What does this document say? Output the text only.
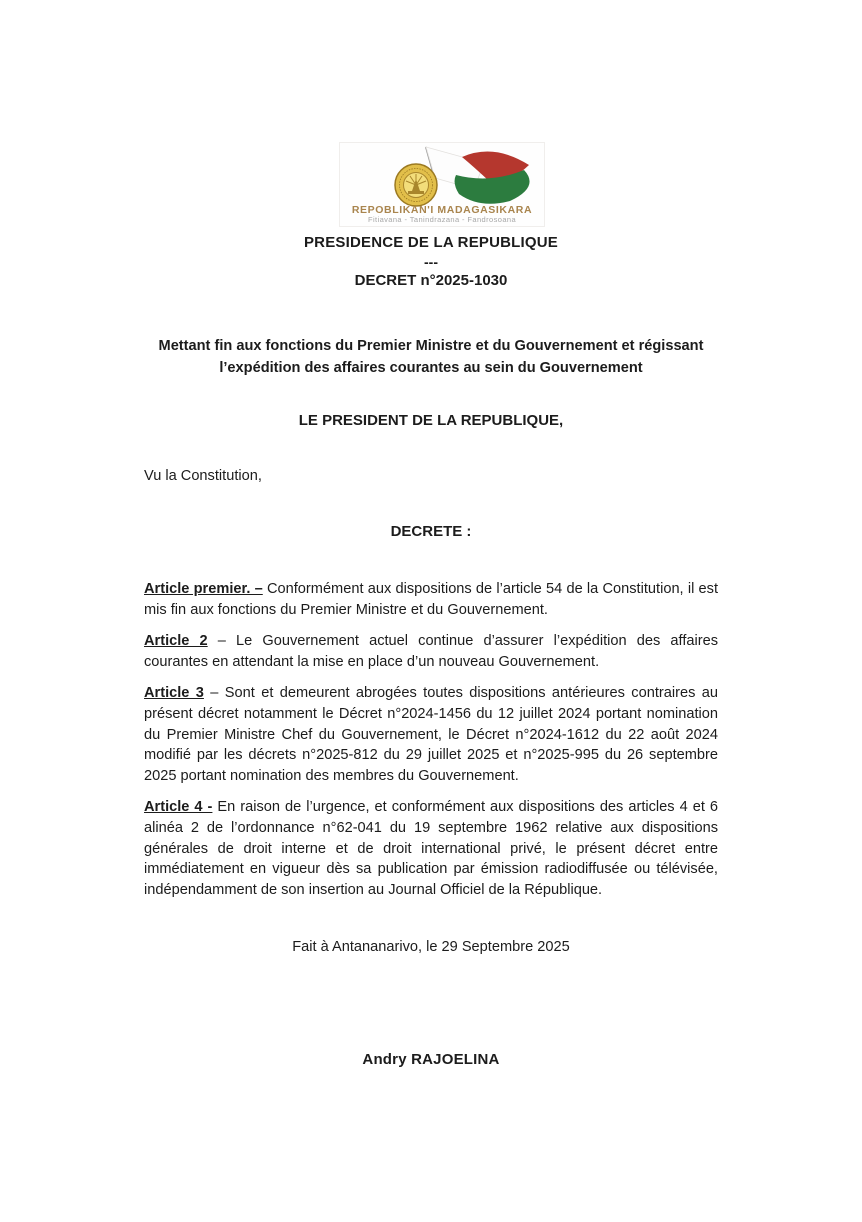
REPOBLIKAN'I MADAGASIKARA
Fitiavana - Tanindrazana - Fandrosoana
PRESIDENCE DE LA REPUBLIQUE
---
DECRET n°2025-1030
Mettant fin aux fonctions du Premier Ministre et du Gouvernement et régissant
l’expédition des affaires courantes au sein du Gouvernement
LE PRESIDENT DE LA REPUBLIQUE,
Vu la Constitution,
DECRETE :

Article premier. – Conformément aux dispositions de l’article 54 de la Constitution, il est mis fin aux fonctions du Premier Ministre et du Gouvernement.

Article 2 – Le Gouvernement actuel continue d’assurer l’expédition des affaires courantes en attendant la mise en place d’un nouveau Gouvernement.

Article 3 – Sont et demeurent abrogées toutes dispositions antérieures contraires au présent décret notamment le Décret n°2024-1456 du 12 juillet 2024 portant nomination du Premier Ministre Chef du Gouvernement, le Décret n°2024-1612 du 22 août 2024 modifié par les décrets n°2025-812 du 29 juillet 2025 et n°2025-995 du 26 septembre 2025 portant nomination des membres du Gouvernement.

Article 4 - En raison de l’urgence, et conformément aux dispositions des articles 4 et 6 alinéa 2 de l’ordonnance n°62-041 du 19 septembre 1962 relative aux dispositions générales de droit interne et de droit international privé, le présent décret entre immédiatement en vigueur dès sa publication par émission radiodiffusée ou télévisée, indépendamment de son insertion au Journal Officiel de la République.

Fait à Antananarivo, le 29 Septembre 2025
Andry RAJOELINA
